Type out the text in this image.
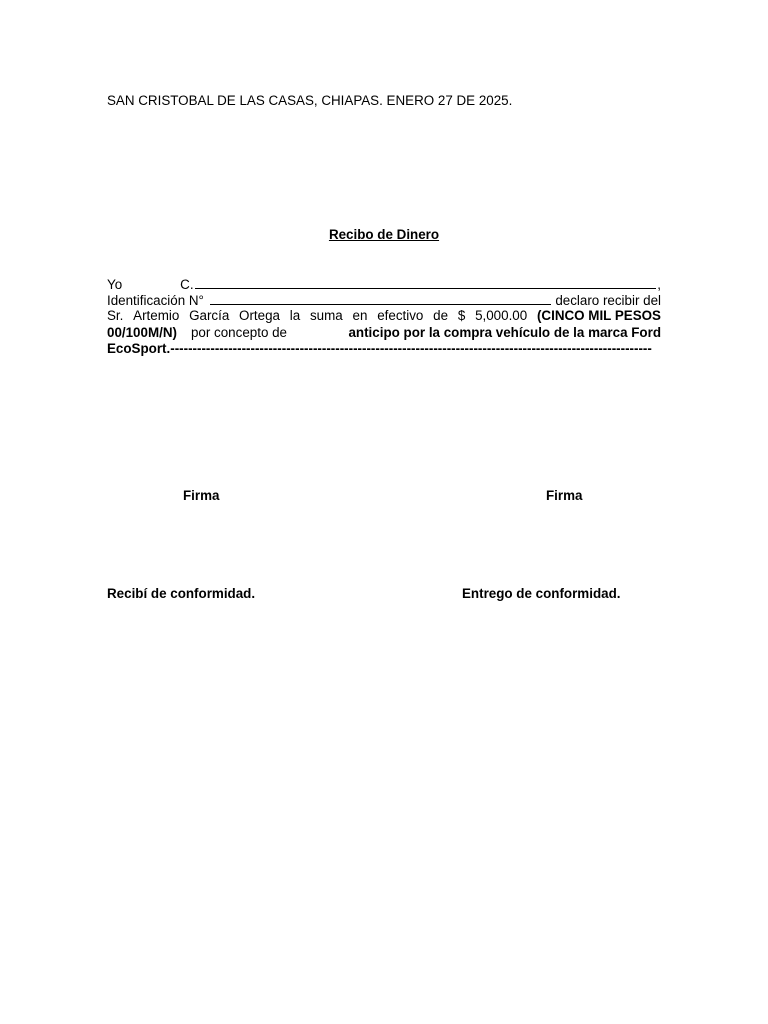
SAN CRISTOBAL DE LAS CASAS, CHIAPAS. ENERO 27 DE 2025.
Recibo de Dinero
Yo	C.	,
Identificación N°	declaro recibir del
Sr. Artemio García Ortega la suma en efectivo de $ 5,000.00 (CINCO MIL PESOS
00/100M/N) por concepto de	anticipo por la compra vehículo de la marca Ford
EcoSport. ------------------------------------------------------------------------------------------------------------
Firma	Firma
Recibí de conformidad.	Entrego de conformidad.
